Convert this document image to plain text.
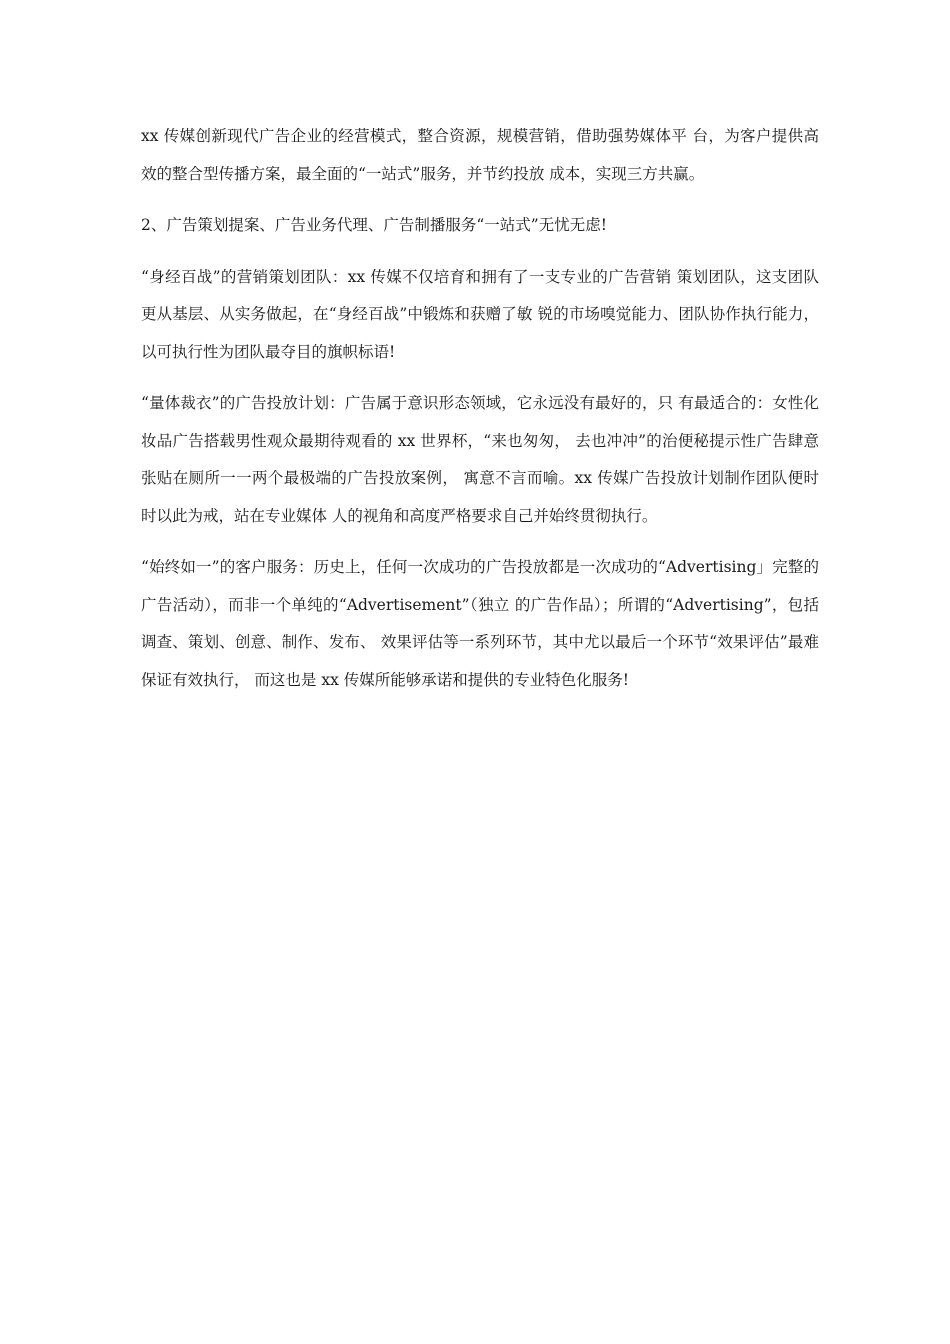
xx 传媒创新现代广告企业的经营模式，整合资源，规模营销，借助强势媒体平 台，为客户提供高效的整合型传播方案，最全面的“一站式”服务，并节约投放 成本，实现三方共赢。

2、广告策划提案、广告业务代理、广告制播服务“一站式”无忧无虑!

“身经百战”的营销策划团队：xx 传媒不仅培育和拥有了一支专业的广告营销 策划团队，这支团队更从基层、从实务做起，在“身经百战”中锻炼和获赠了敏 锐的市场嗅觉能力、团队协作执行能力，以可执行性为团队最夺目的旗帜标语!

“量体裁衣”的广告投放计划：广告属于意识形态领域，它永远没有最好的，只 有最适合的：女性化妆品广告搭载男性观众最期待观看的 xx 世界杯，“来也匆匆， 去也冲冲”的治便秘提示性广告肆意张贴在厕所一一两个最极端的广告投放案例， 寓意不言而喻。xx 传媒广告投放计划制作团队便时时以此为戒，站在专业媒体 人的视角和高度严格要求自己并始终贯彻执行。

“始终如一”的客户服务：历史上，任何一次成功的广告投放都是一次成功的“Advertising」完整的广告活动），而非一个单纯的“Advertisement”（独立 的广告作品）；所谓的“Advertising”，包括调查、策划、创意、制作、发布、 效果评估等一系列环节，其中尤以最后一个环节“效果评估”最难保证有效执行， 而这也是 xx 传媒所能够承诺和提供的专业特色化服务!
